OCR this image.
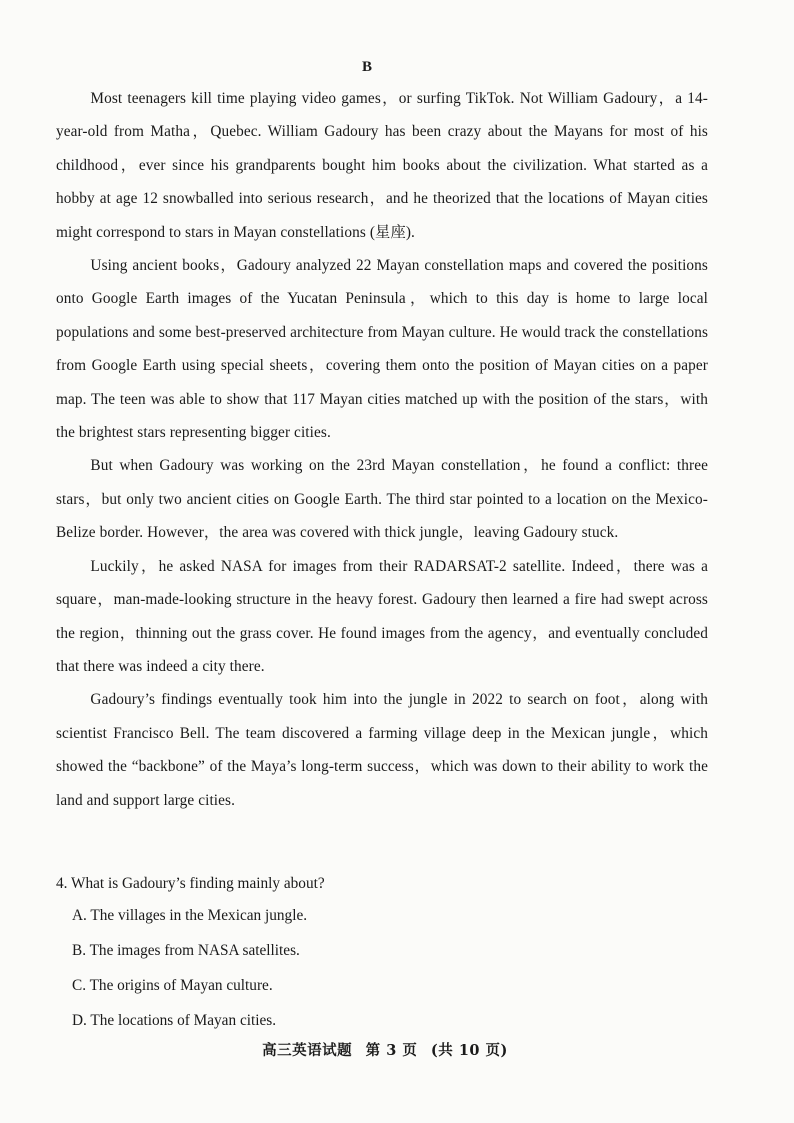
B

Most teenagers kill time playing video games，or surfing TikTok. Not William Gadoury，a 14-year-old from Matha，Quebec. William Gadoury has been crazy about the Mayans for most of his childhood，ever since his grandparents bought him books about the civilization. What started as a hobby at age 12 snowballed into serious research，and he theorized that the locations of Mayan cities might correspond to stars in Mayan constellations (星座).

Using ancient books，Gadoury analyzed 22 Mayan constellation maps and covered the positions onto Google Earth images of the Yucatan Peninsula，which to this day is home to large local populations and some best-preserved architecture from Mayan culture. He would track the constellations from Google Earth using special sheets，covering them onto the position of Mayan cities on a paper map. The teen was able to show that 117 Mayan cities matched up with the position of the stars，with the brightest stars representing bigger cities.

But when Gadoury was working on the 23rd Mayan constellation，he found a conflict: three stars，but only two ancient cities on Google Earth. The third star pointed to a location on the Mexico-Belize border. However，the area was covered with thick jungle，leaving Gadoury stuck.

Luckily，he asked NASA for images from their RADARSAT-2 satellite. Indeed，there was a square，man-made-looking structure in the heavy forest. Gadoury then learned a fire had swept across the region，thinning out the grass cover. He found images from the agency，and eventually concluded that there was indeed a city there.

Gadoury’s findings eventually took him into the jungle in 2022 to search on foot，along with scientist Francisco Bell. The team discovered a farming village deep in the Mexican jungle，which showed the “backbone” of the Maya’s long-term success，which was down to their ability to work the land and support large cities.

4. What is Gadoury’s finding mainly about?

A. The villages in the Mexican jungle.

B. The images from NASA satellites.

C. The origins of Mayan culture.

D. The locations of Mayan cities.

高三英语试题 第 3 页 (共 10 页)
